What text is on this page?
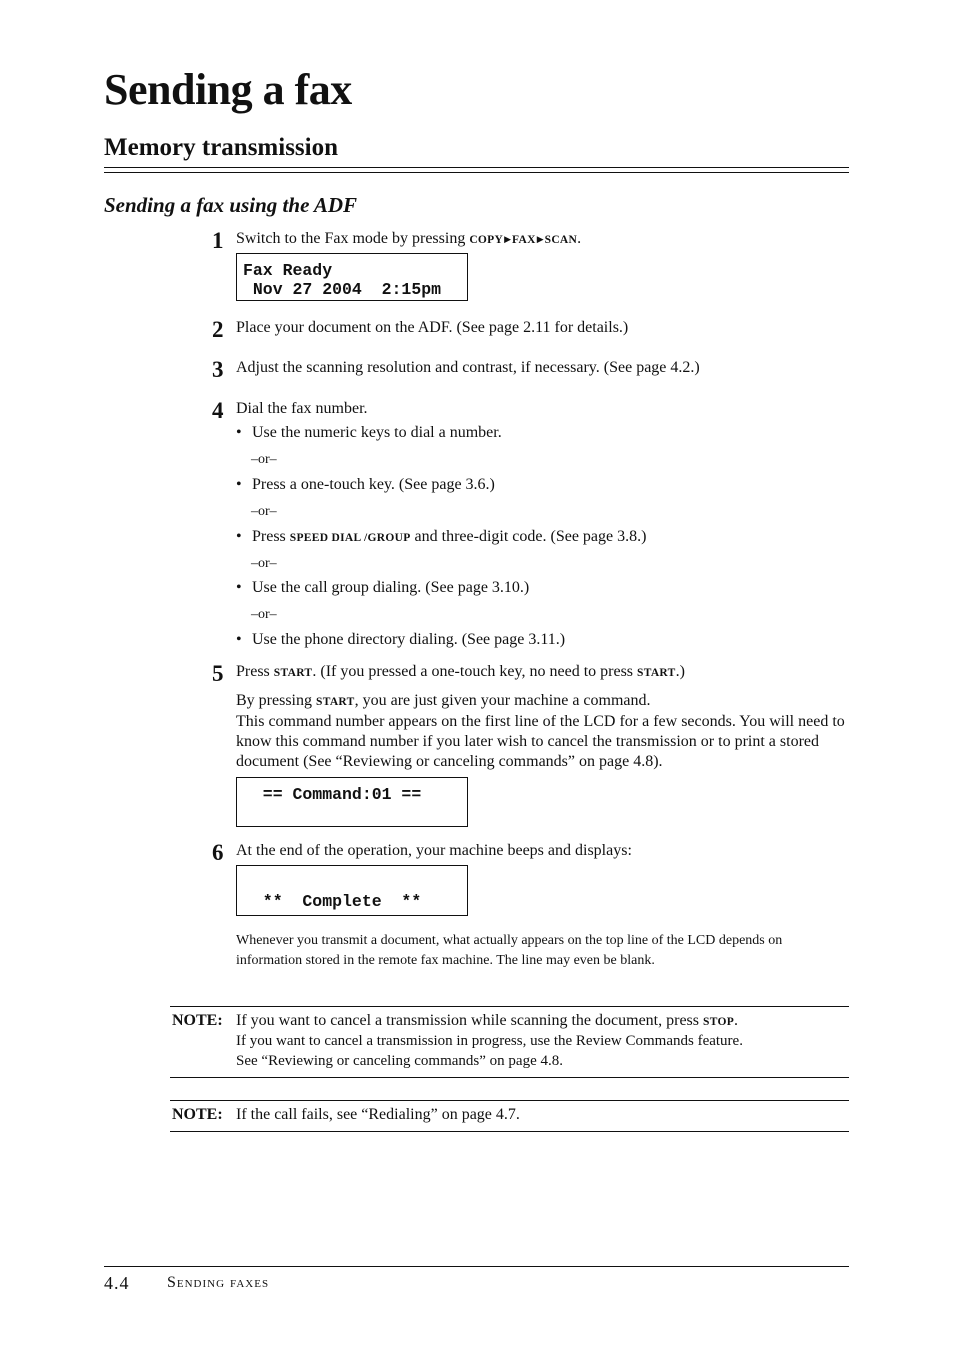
Sending a fax
Memory transmission
Sending a fax using the ADF
1 Switch to the Fax mode by pressing COPY▶FAX▶SCAN.
Fax Ready
Nov 27 2004  2:15pm
2 Place your document on the ADF. (See page 2.11 for details.)
3 Adjust the scanning resolution and contrast, if necessary. (See page 4.2.)
4 Dial the fax number.
• Use the numeric keys to dial a number.
–or–
• Press a one-touch key. (See page 3.6.)
–or–
• Press SPEED DIAL /GROUP and three-digit code. (See page 3.8.)
–or–
• Use the call group dialing. (See page 3.10.)
–or–
• Use the phone directory dialing. (See page 3.11.)
5 Press START. (If you pressed a one-touch key, no need to press START.)
By pressing START, you are just given your machine a command.
This command number appears on the first line of the LCD for a few seconds. You will need to know this command number if you later wish to cancel the transmission or to print a stored document (See “Reviewing or canceling commands” on page 4.8).
== Command:01 ==
6 At the end of the operation, your machine beeps and displays:

**  Complete  **
Whenever you transmit a document, what actually appears on the top line of the LCD depends on information stored in the remote fax machine. The line may even be blank.
NOTE: If you want to cancel a transmission while scanning the document, press STOP.
If you want to cancel a transmission in progress, use the Review Commands feature.
See “Reviewing or canceling commands” on page 4.8.
NOTE: If the call fails, see “Redialing” on page 4.7.
4.4 Sending faxes
